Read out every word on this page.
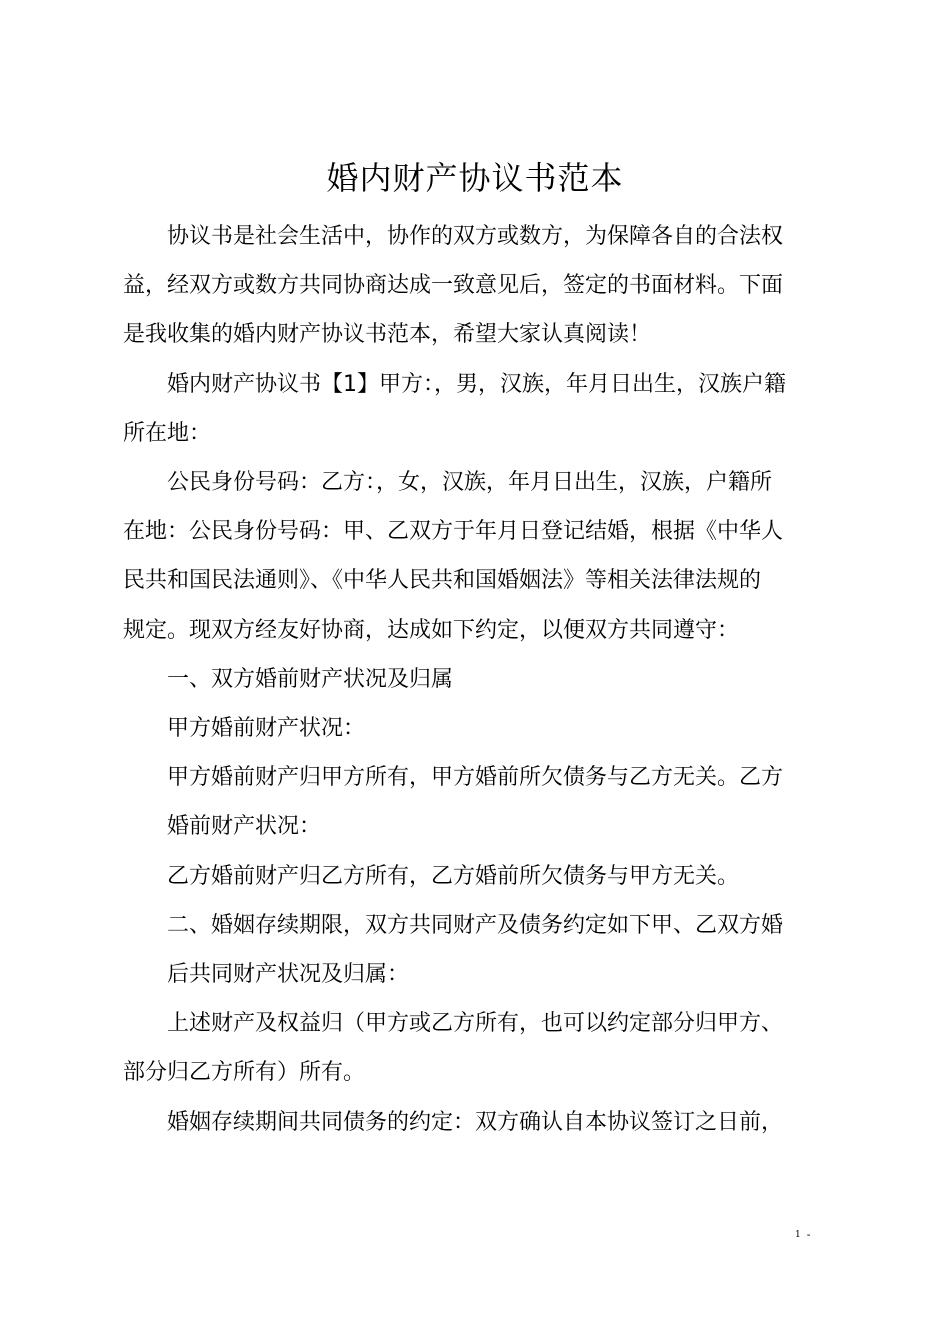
婚内财产协议书范本

　　协议书是社会生活中，协作的双方或数方，为保障各自的合法权

益，经双方或数方共同协商达成一致意见后，签定的书面材料。下面

是我收集的婚内财产协议书范本，希望大家认真阅读！

　　婚内财产协议书【1】甲方：，男，汉族，年月日出生，汉族户籍

所在地：

　　公民身份号码：乙方：，女，汉族，年月日出生，汉族，户籍所

在地：公民身份号码：甲、乙双方于年月日登记结婚，根据《中华人

民共和国民法通则》、《中华人民共和国婚姻法》等相关法律法规的

规定。现双方经友好协商，达成如下约定，以便双方共同遵守：

　　一、双方婚前财产状况及归属

　　甲方婚前财产状况：

　　甲方婚前财产归甲方所有，甲方婚前所欠债务与乙方无关。乙方

　　婚前财产状况：

　　乙方婚前财产归乙方所有，乙方婚前所欠债务与甲方无关。

　　二、婚姻存续期限，双方共同财产及债务约定如下甲、乙双方婚

　　后共同财产状况及归属：

　　上述财产及权益归（甲方或乙方所有，也可以约定部分归甲方、

部分归乙方所有）所有。

　　婚姻存续期间共同债务的约定：双方确认自本协议签订之日前，

1 -
